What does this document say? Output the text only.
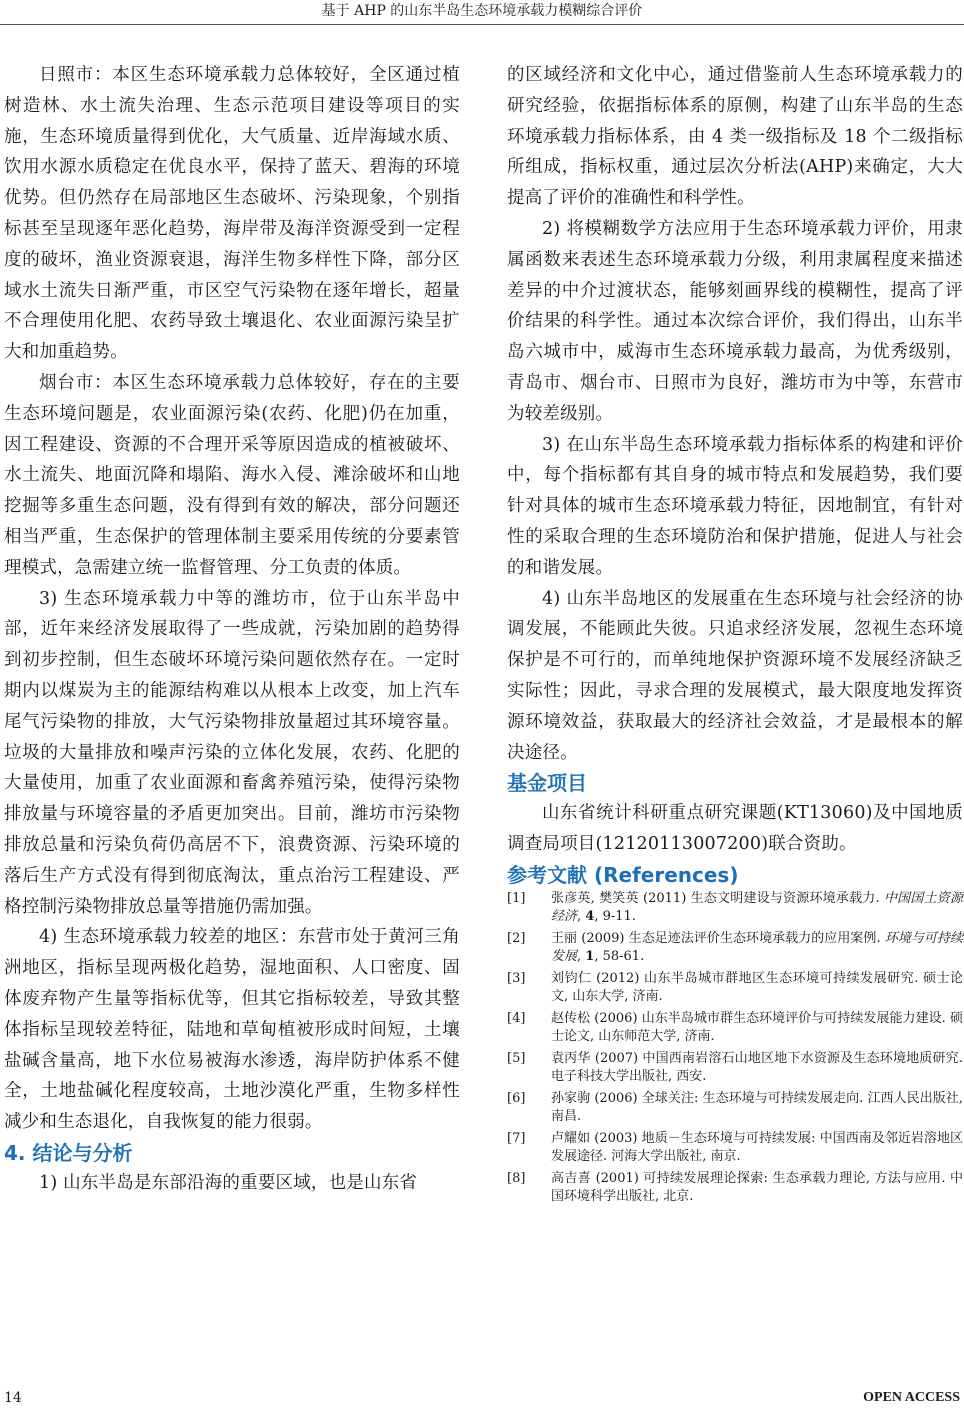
基于 AHP 的山东半岛生态环境承载力模糊综合评价

日照市：本区生态环境承载力总体较好，全区通过植树造林、水土流失治理、生态示范项目建设等项目的实施，生态环境质量得到优化，大气质量、近岸海域水质、饮用水源水质稳定在优良水平，保持了蓝天、碧海的环境优势。但仍然存在局部地区生态破坏、污染现象，个别指标甚至呈现逐年恶化趋势，海岸带及海洋资源受到一定程度的破坏，渔业资源衰退，海洋生物多样性下降，部分区域水土流失日渐严重，市区空气污染物在逐年增长，超量不合理使用化肥、农药导致土壤退化、农业面源污染呈扩大和加重趋势。

烟台市：本区生态环境承载力总体较好，存在的主要生态环境问题是，农业面源污染(农药、化肥)仍在加重，因工程建设、资源的不合理开采等原因造成的植被破坏、水土流失、地面沉降和塌陷、海水入侵、滩涂破坏和山地挖掘等多重生态问题，没有得到有效的解决，部分问题还相当严重，生态保护的管理体制主要采用传统的分要素管理模式，急需建立统一监督管理、分工负责的体质。

3) 生态环境承载力中等的潍坊市，位于山东半岛中部，近年来经济发展取得了一些成就，污染加剧的趋势得到初步控制，但生态破坏环境污染问题依然存在。一定时期内以煤炭为主的能源结构难以从根本上改变，加上汽车尾气污染物的排放，大气污染物排放量超过其环境容量。垃圾的大量排放和噪声污染的立体化发展，农药、化肥的大量使用，加重了农业面源和畜禽养殖污染，使得污染物排放量与环境容量的矛盾更加突出。目前，潍坊市污染物排放总量和污染负荷仍高居不下，浪费资源、污染环境的落后生产方式没有得到彻底淘汰，重点治污工程建设、严格控制污染物排放总量等措施仍需加强。

4) 生态环境承载力较差的地区：东营市处于黄河三角洲地区，指标呈现两极化趋势，湿地面积、人口密度、固体废弃物产生量等指标优等，但其它指标较差，导致其整体指标呈现较差特征，陆地和草甸植被形成时间短，土壤盐碱含量高，地下水位易被海水渗透，海岸防护体系不健全，土地盐碱化程度较高，土地沙漠化严重，生物多样性减少和生态退化，自我恢复的能力很弱。

4. 结论与分析

1) 山东半岛是东部沿海的重要区域，也是山东省

的区域经济和文化中心，通过借鉴前人生态环境承载力的研究经验，依据指标体系的原侧，构建了山东半岛的生态环境承载力指标体系，由 4 类一级指标及 18 个二级指标所组成，指标权重，通过层次分析法(AHP)来确定，大大提高了评价的准确性和科学性。

2) 将模糊数学方法应用于生态环境承载力评价，用隶属函数来表述生态环境承载力分级，利用隶属程度来描述差异的中介过渡状态，能够刻画界线的模糊性，提高了评价结果的科学性。通过本次综合评价，我们得出，山东半岛六城市中，威海市生态环境承载力最高，为优秀级别，青岛市、烟台市、日照市为良好，潍坊市为中等，东营市为较差级别。

3) 在山东半岛生态环境承载力指标体系的构建和评价中，每个指标都有其自身的城市特点和发展趋势，我们要针对具体的城市生态环境承载力特征，因地制宜，有针对性的采取合理的生态环境防治和保护措施，促进人与社会的和谐发展。

4) 山东半岛地区的发展重在生态环境与社会经济的协调发展，不能顾此失彼。只追求经济发展，忽视生态环境保护是不可行的，而单纯地保护资源环境不发展经济缺乏实际性；因此，寻求合理的发展模式，最大限度地发挥资源环境效益，获取最大的经济社会效益，才是最根本的解决途径。

基金项目

山东省统计科研重点研究课题(KT13060)及中国地质调查局项目(12120113007200)联合资助。

参考文献 (References)
[1]	张彦英, 樊笑英 (2011) 生态文明建设与资源环境承载力. 中国国土资源经济, 4, 9-11.
[2]	王丽 (2009) 生态足迹法评价生态环境承载力的应用案例. 环境与可持续发展, 1, 58-61.
[3]	刘钧仁 (2012) 山东半岛城市群地区生态环境可持续发展研究. 硕士论文, 山东大学, 济南.
[4]	赵传松 (2006) 山东半岛城市群生态环境评价与可持续发展能力建设. 硕士论文, 山东师范大学, 济南.
[5]	袁丙华 (2007) 中国西南岩溶石山地区地下水资源及生态环境地质研究. 电子科技大学出版社, 西安.
[6]	孙家驹 (2006) 全球关注: 生态环境与可持续发展走向. 江西人民出版社, 南昌.
[7]	卢耀如 (2003) 地质－生态环境与可持续发展: 中国西南及邻近岩溶地区发展途径. 河海大学出版社, 南京.
[8]	高吉喜 (2001) 可持续发展理论探索: 生态承载力理论, 方法与应用. 中国环境科学出版社, 北京.
14	OPEN ACCESS
